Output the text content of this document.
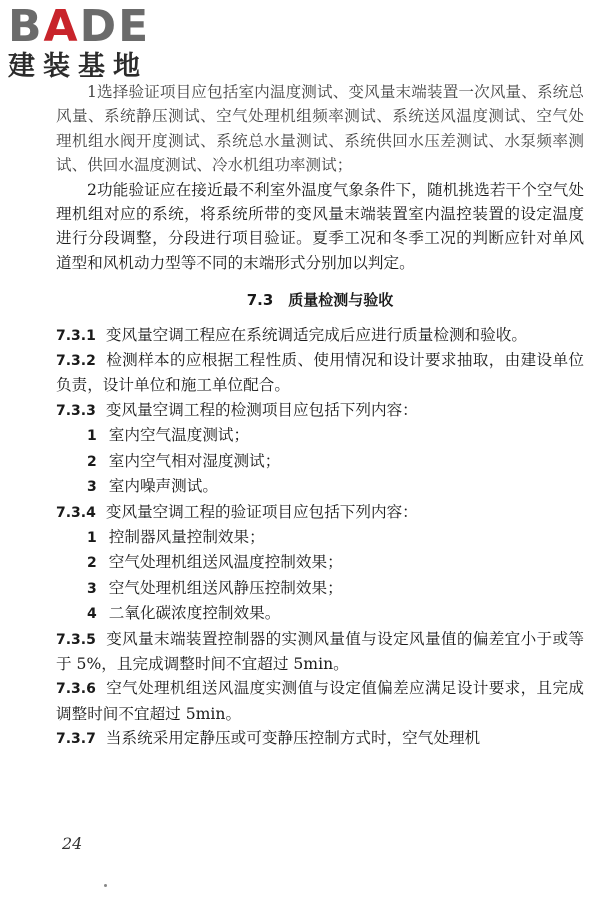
BADE
建装基地

1选择验证项目应包括室内温度测试、变风量末端装置一次风量、系统总风量、系统静压测试、空气处理机组频率测试、系统送风温度测试、空气处理机组水阀开度测试、系统总水量测试、系统供回水压差测试、水泵频率测试、供回水温度测试、冷水机组功率测试；

2功能验证应在接近最不利室外温度气象条件下，随机挑选若干个空气处理机组对应的系统，将系统所带的变风量末端装置室内温控装置的设定温度进行分段调整，分段进行项目验证。夏季工况和冬季工况的判断应针对单风道型和风机动力型等不同的末端形式分别加以判定。

7.3　质量检测与验收

7.3.1 变风量空调工程应在系统调适完成后应进行质量检测和验收。

7.3.2 检测样本的应根据工程性质、使用情况和设计要求抽取，由建设单位负责，设计单位和施工单位配合。

7.3.3 变风量空调工程的检测项目应包括下列内容：

1 室内空气温度测试；

2 室内空气相对湿度测试；

3 室内噪声测试。

7.3.4 变风量空调工程的验证项目应包括下列内容：

1 控制器风量控制效果；

2 空气处理机组送风温度控制效果；

3 空气处理机组送风静压控制效果；

4 二氧化碳浓度控制效果。

7.3.5 变风量末端装置控制器的实测风量值与设定风量值的偏差宜小于或等于 5%，且完成调整时间不宜超过 5min。

7.3.6 空气处理机组送风温度实测值与设定值偏差应满足设计要求，且完成调整时间不宜超过 5min。

7.3.7 当系统采用定静压或可变静压控制方式时，空气处理机

24
